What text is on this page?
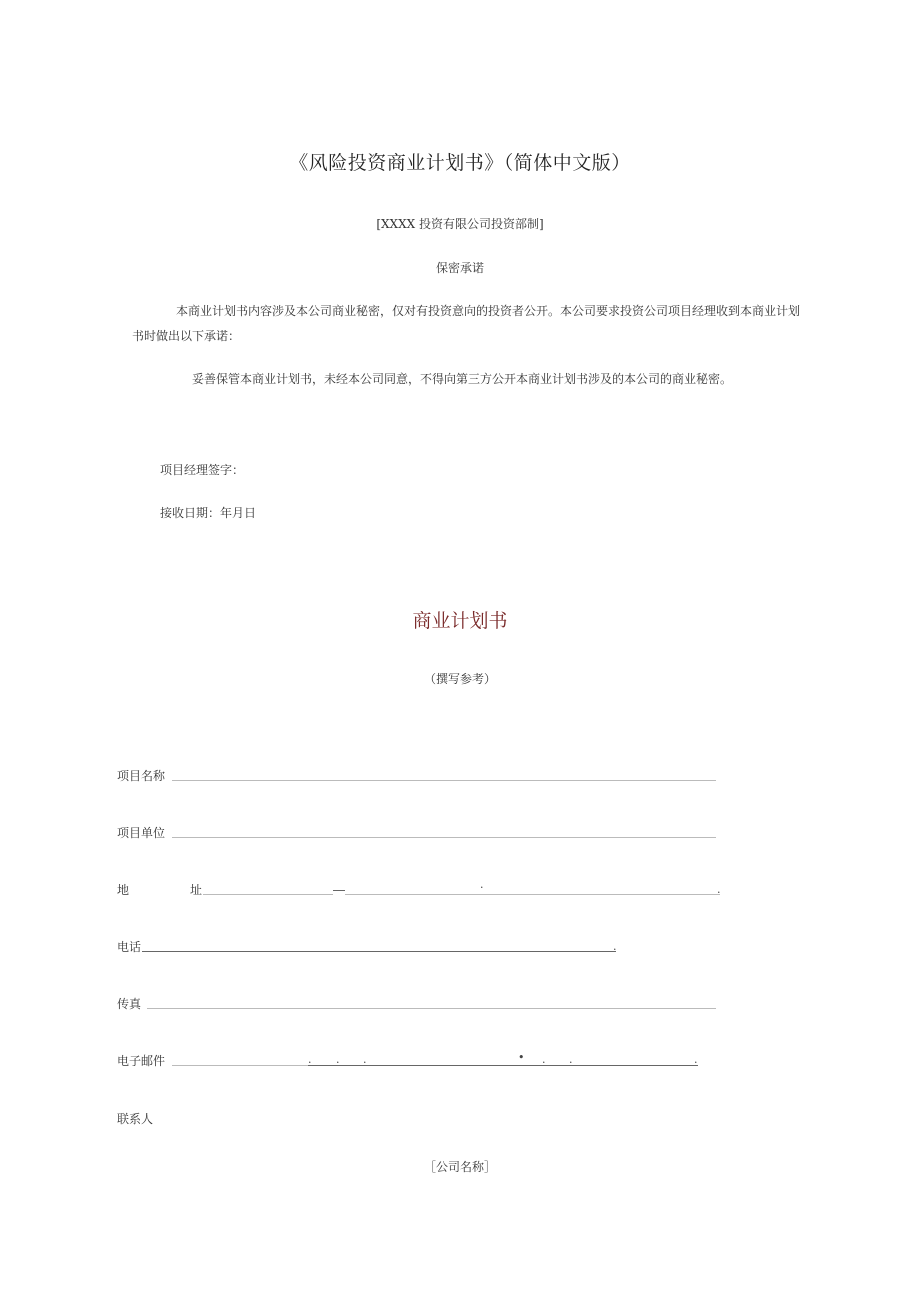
《风险投资商业计划书》（简体中文版）
[XXXX 投资有限公司投资部制]
保密承诺
本商业计划书内容涉及本公司商业秘密，仅对有投资意向的投资者公开。本公司要求投资公司项目经理收到本商业计划书时做出以下承诺：
妥善保管本商业计划书，未经本公司同意，不得向第三方公开本商业计划书涉及的本公司的商业秘密。
项目经理签字：
接收日期：年月日
商业计划书
（撰写参考）
项目名称
项目单位
地	址	·	.
电话	.
传真
电子邮件	. . .	• . .	.
联系人
［公司名称］
